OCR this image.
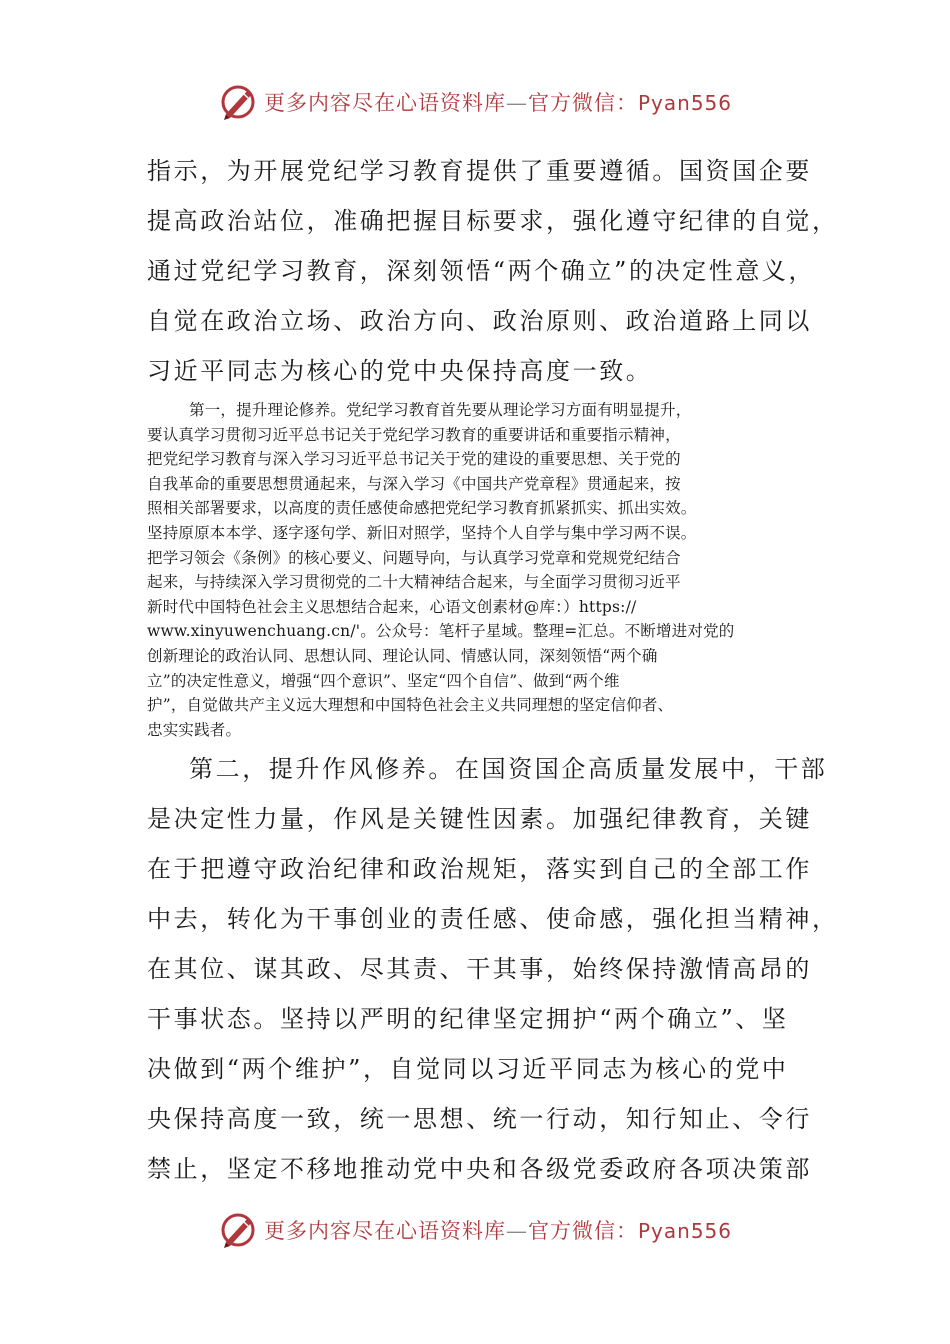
更多内容尽在心语资料库—官方微信：Pyan556
指示，为开展党纪学习教育提供了重要遵循。国资国企要
提高政治站位，准确把握目标要求，强化遵守纪律的自觉，
通过党纪学习教育，深刻领悟“两个确立”的决定性意义，
自觉在政治立场、政治方向、政治原则、政治道路上同以
习近平同志为核心的党中央保持高度一致。
第一，提升理论修养。党纪学习教育首先要从理论学习方面有明显提升，
要认真学习贯彻习近平总书记关于党纪学习教育的重要讲话和重要指示精神，
把党纪学习教育与深入学习习近平总书记关于党的建设的重要思想、关于党的
自我革命的重要思想贯通起来，与深入学习《中国共产党章程》贯通起来，按
照相关部署要求，以高度的责任感使命感把党纪学习教育抓紧抓实、抓出实效。
坚持原原本本学、逐字逐句学、新旧对照学，坚持个人自学与集中学习两不误。
把学习领会《条例》的核心要义、问题导向，与认真学习党章和党规党纪结合
起来，与持续深入学习贯彻党的二十大精神结合起来，与全面学习贯彻习近平
新时代中国特色社会主义思想结合起来，心语文创素材@库：）https://
www.xinyuwenchuang.cn/'。公众号：笔杆子星域。整理=汇总。不断增进对党的
创新理论的政治认同、思想认同、理论认同、情感认同，深刻领悟“两个确
立”的决定性意义，增强“四个意识”、坚定“四个自信”、做到“两个维
护”，自觉做共产主义远大理想和中国特色社会主义共同理想的坚定信仰者、
忠实实践者。
第二，提升作风修养。在国资国企高质量发展中，干部
是决定性力量，作风是关键性因素。加强纪律教育，关键
在于把遵守政治纪律和政治规矩，落实到自己的全部工作
中去，转化为干事创业的责任感、使命感，强化担当精神，
在其位、谋其政、尽其责、干其事，始终保持激情高昂的
干事状态。坚持以严明的纪律坚定拥护“两个确立”、坚
决做到“两个维护”，自觉同以习近平同志为核心的党中
央保持高度一致，统一思想、统一行动，知行知止、令行
禁止，坚定不移地推动党中央和各级党委政府各项决策部
更多内容尽在心语资料库—官方微信：Pyan556
